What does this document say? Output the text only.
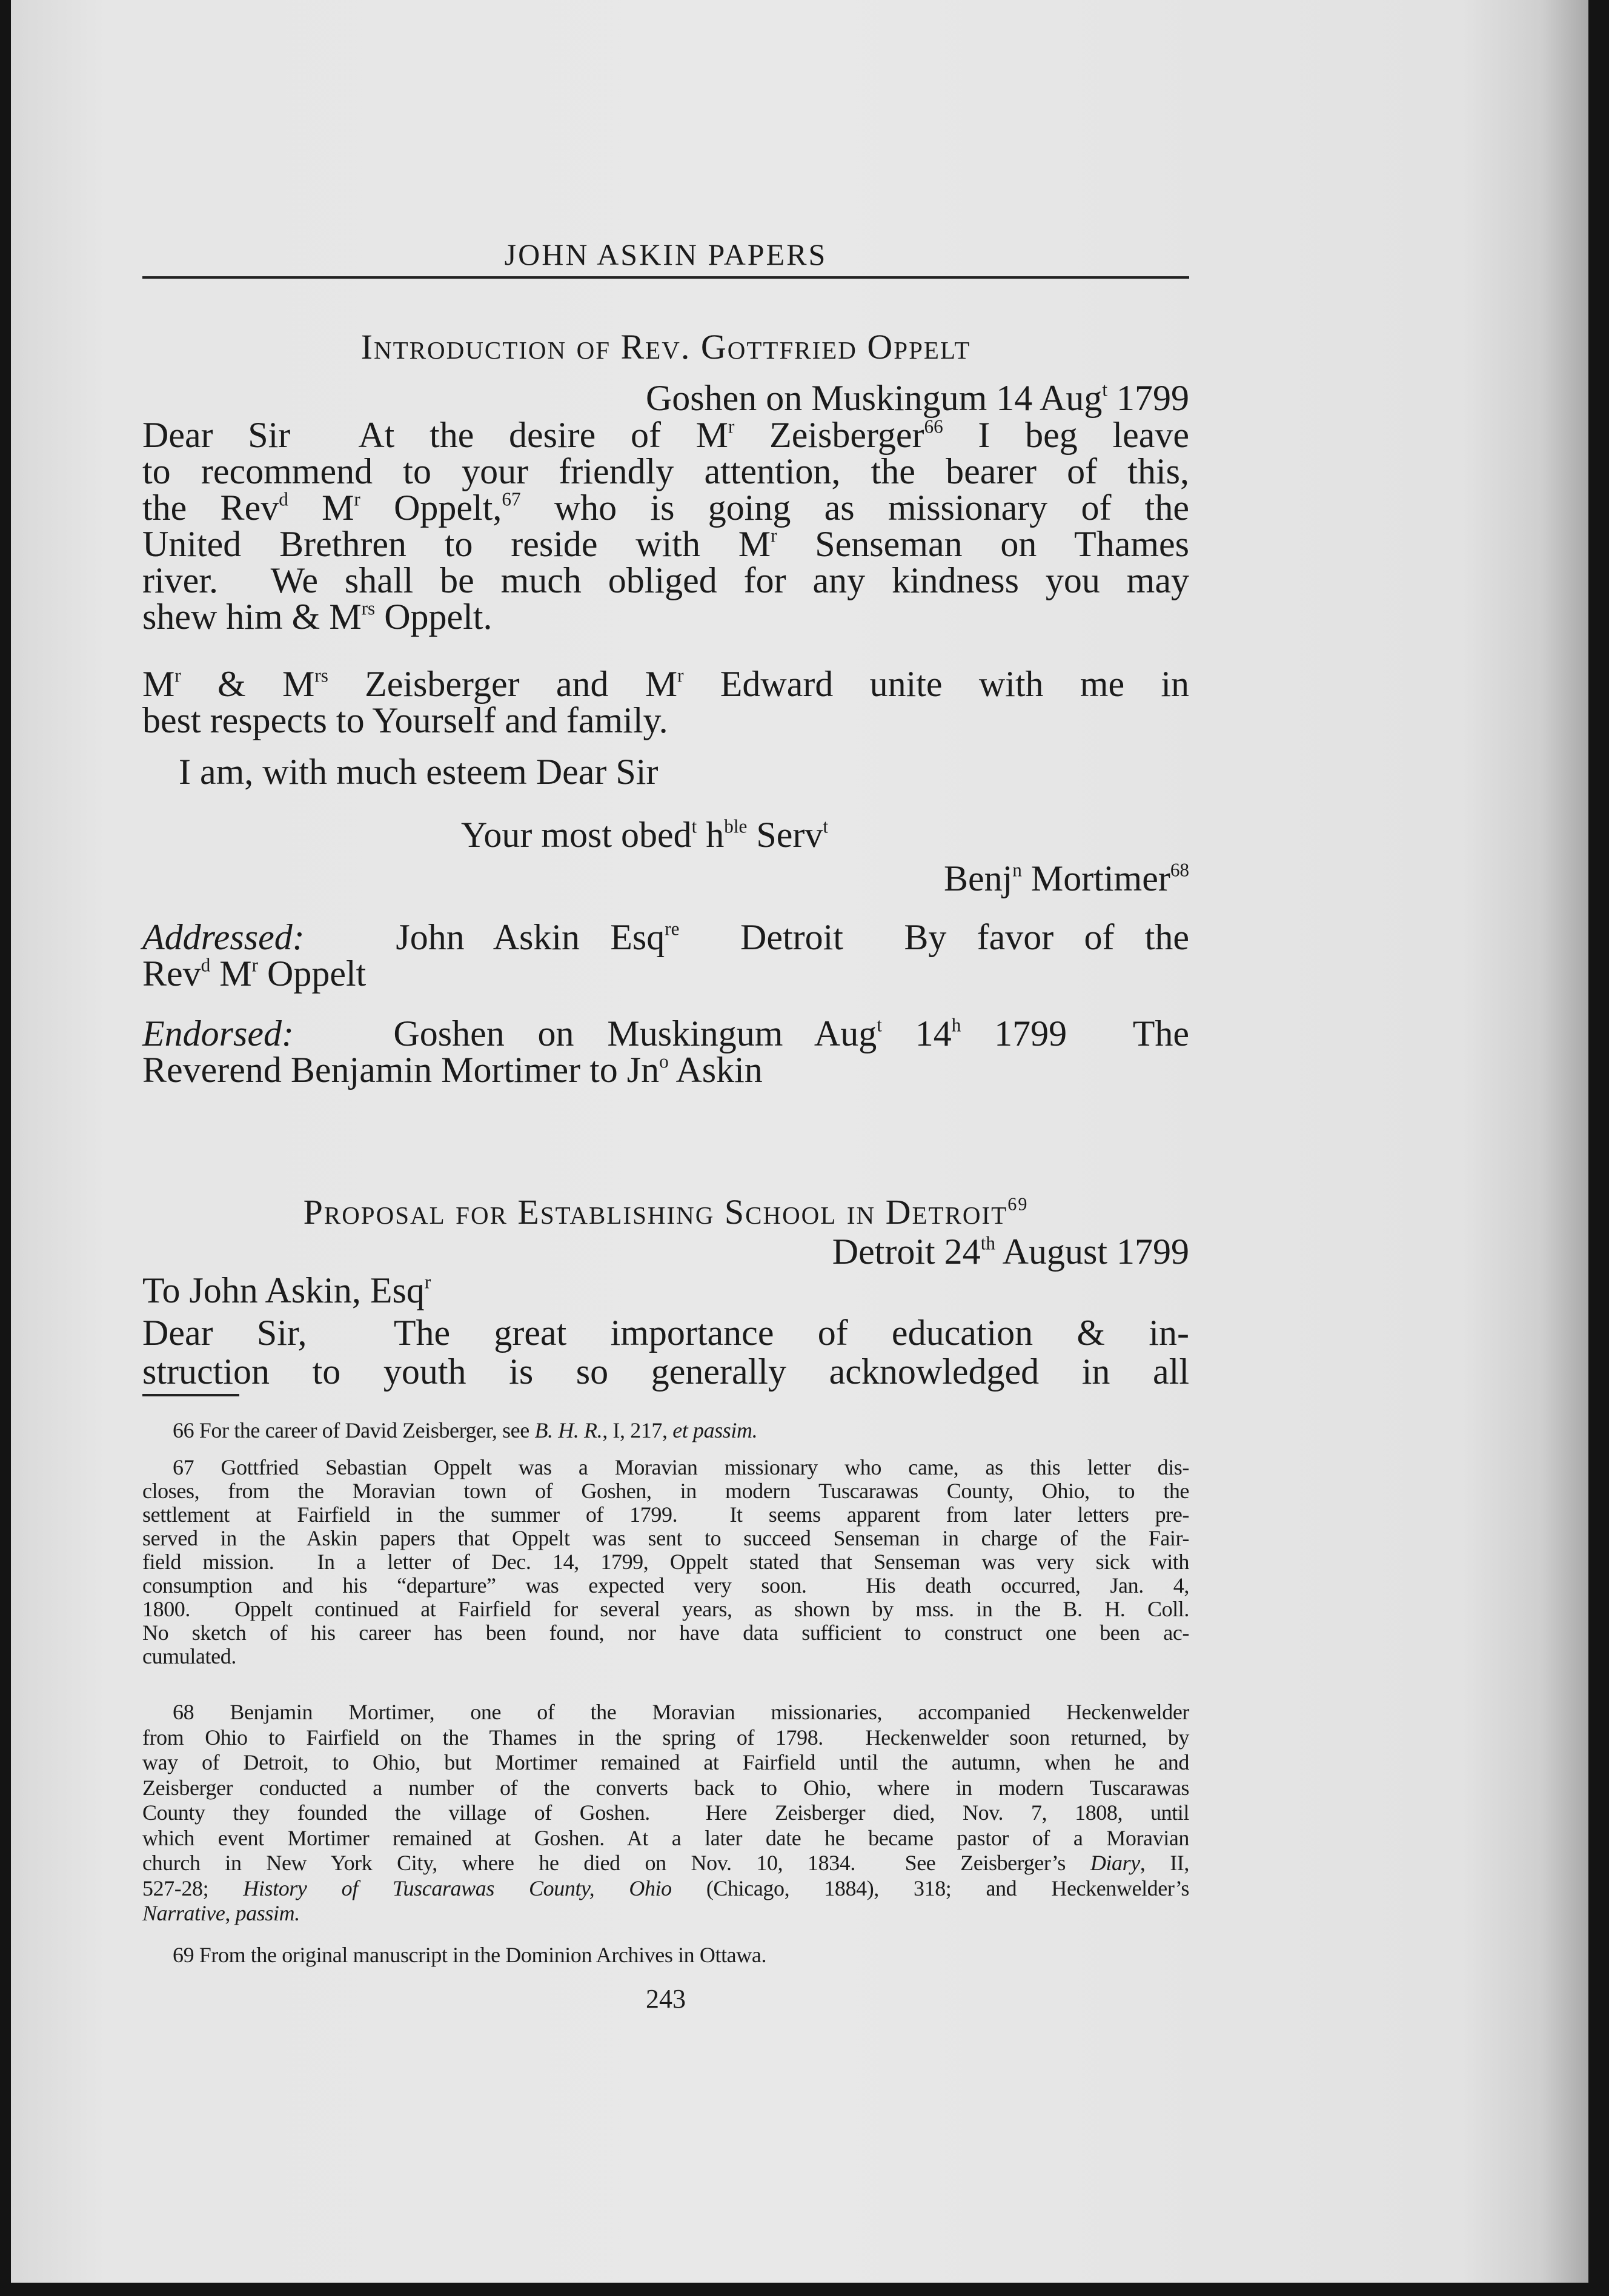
JOHN ASKIN PAPERS
Introduction of Rev. Gottfried Oppelt
Goshen on Muskingum 14 Aug$^t$ 1799
Dear Sir  At the desire of $M^r$ Zeisberger$^{66}$ I beg leave
to recommend to your friendly attention, the bearer of this,
the Rev$^d$ $M^r$ Oppelt,$^{67}$ who is going as missionary of the
United Brethren to reside with $M^r$ Senseman on Thames
river.  We shall be much obliged for any kindness you may
shew him & $M^{rs}$ Oppelt.
$M^r$ & $M^{rs}$ Zeisberger and $M^r$ Edward unite with me in
best respects to Yourself and family.
I am, with much esteem Dear Sir
Your most obed$^t$ $h^{ble}$ Serv$^t$
Benj$^n$ Mortimer$^{68}$
Addressed:   John Askin Esq$^{re}$  Detroit  By favor of the
Rev$^d$ $M^r$ Oppelt
Endorsed:   Goshen on Muskingum Aug$^t$ 14$^h$ 1799  The
Reverend Benjamin Mortimer to Jn$^o$ Askin
Proposal for Establishing School in Detroit$^{69}$
Detroit 24th August 1799
To John Askin, Esq$^r$
Dear Sir,  The great importance of education & in-
struction to youth is so generally acknowledged in all
66 For the career of David Zeisberger, see B. H. R., I, 217, et passim.
67 Gottfried Sebastian Oppelt was a Moravian missionary who came, as this letter dis-
closes, from the Moravian town of Goshen, in modern Tuscarawas County, Ohio, to the
settlement at Fairfield in the summer of 1799.  It seems apparent from later letters pre-
served in the Askin papers that Oppelt was sent to succeed Senseman in charge of the Fair-
field mission.  In a letter of Dec. 14, 1799, Oppelt stated that Senseman was very sick with
consumption and his “departure” was expected very soon.  His death occurred, Jan. 4,
1800.  Oppelt continued at Fairfield for several years, as shown by mss. in the B. H. Coll.
No sketch of his career has been found, nor have data sufficient to construct one been ac-
cumulated.
68 Benjamin Mortimer, one of the Moravian missionaries, accompanied Heckenwelder
from Ohio to Fairfield on the Thames in the spring of 1798.  Heckenwelder soon returned, by
way of Detroit, to Ohio, but Mortimer remained at Fairfield until the autumn, when he and
Zeisberger conducted a number of the converts back to Ohio, where in modern Tuscarawas
County they founded the village of Goshen.  Here Zeisberger died, Nov. 7, 1808, until
which event Mortimer remained at Goshen. At a later date he became pastor of a Moravian
church in New York City, where he died on Nov. 10, 1834.  See Zeisberger’s Diary, II,
527-28; History of Tuscarawas County, Ohio (Chicago, 1884), 318; and Heckenwelder’s
Narrative, passim.
69 From the original manuscript in the Dominion Archives in Ottawa.
243
